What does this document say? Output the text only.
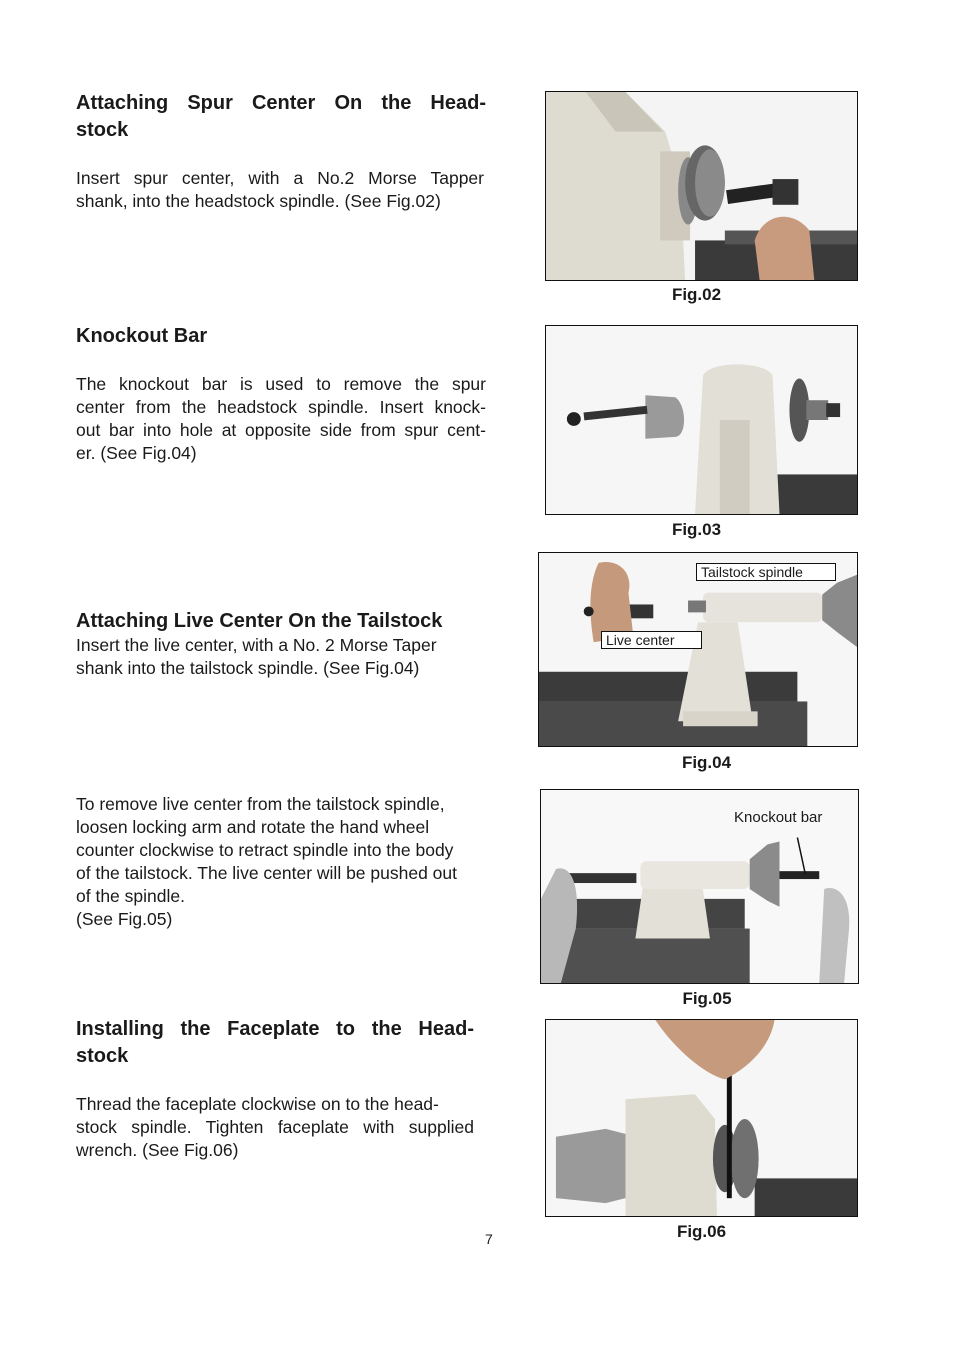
Attaching Spur Center On the Head-
stock
Insert spur center, with a No.2 Morse Tapper
shank, into the headstock spindle. (See Fig.02)
Knockout Bar
The knockout bar is used to remove the spur
center from the headstock spindle. Insert knock-
out bar into hole at opposite side from spur cent-
er. (See Fig.04)
Attaching Live Center On the Tailstock
Insert the live center, with a No. 2 Morse Taper
shank into the tailstock spindle. (See Fig.04)
To remove live center from the tailstock spindle,
loosen locking arm and rotate the hand wheel
counter clockwise to retract spindle into the body
of the tailstock. The live center will be pushed out
of the spindle.
(See Fig.05)
Installing the Faceplate to the Head-
stock
Thread the faceplate clockwise on to the head-
stock spindle. Tighten faceplate with supplied
wrench. (See Fig.06)
Fig.02
Fig.03
Tailstock spindle
Live center
Fig.04
Knockout bar
Fig.05
Fig.06
7
